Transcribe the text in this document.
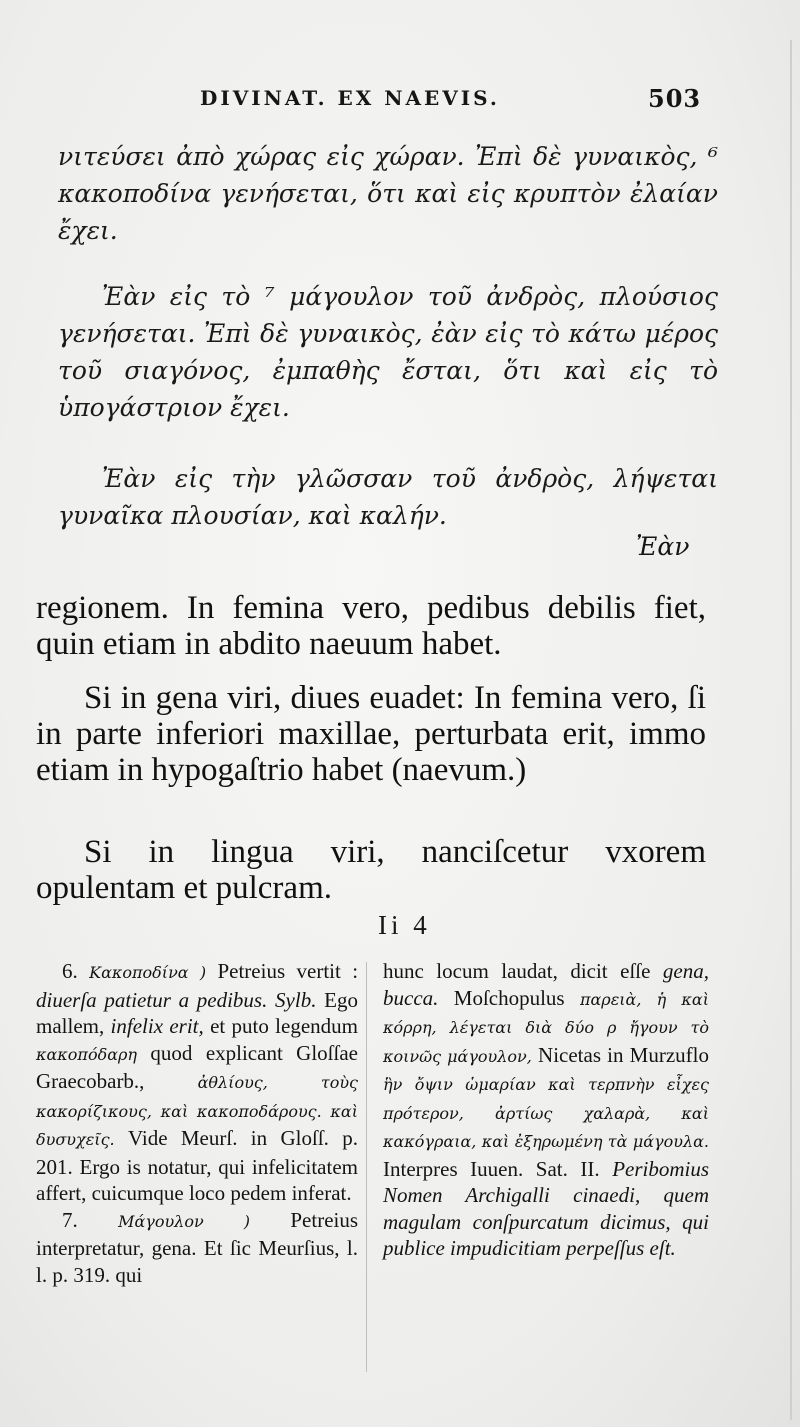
DIVINAT. EX NAEVIS.	503

νιτεύσει ἀπὸ χώρας εἰς χώραν. Ἐπὶ δὲ γυναικὸς, ⁶ κακοποδίνα γενήσεται, ὅτι καὶ εἰς κρυπτὸν ἐλαίαν ἔχει.

Ἐὰν εἰς τὸ ⁷ μάγουλον τοῦ ἀνδρὸς, πλούσιος γενήσεται. Ἐπὶ δὲ γυναικὸς, ἐὰν εἰς τὸ κάτω μέρος τοῦ σιαγόνος, ἐμπαθὴς ἔσται, ὅτι καὶ εἰς τὸ ὑπογάστριον ἔχει.

Ἐὰν εἰς τὴν γλῶσσαν τοῦ ἀνδρὸς, λήψεται γυναῖκα πλουσίαν, καὶ καλήν.

Ἐὰν

regionem. In femina vero, pedibus debilis fiet, quin etiam in abdito naeuum habet.

Si in gena viri, diues euadet: In femina vero, ſi in parte inferiori maxillae, perturbata erit, immo etiam in hypogaſtrio habet (naevum.)

Si in lingua viri, nanciſcetur vxorem opulentam et pulcram.

Ii 4

6. Κακοποδίνα ) Petreius vertit : diuerſa patietur a pedibus. Sylb. Ego mallem, infelix erit, et puto legendum κακοπόδαρη quod explicant Gloſſae Graecobarb.,	ἀθλίους, τοὺς κακορίζικους, καὶ κακοποδάρους. καὶ δυσυχεῖς. Vide Meurſ. in Gloſſ. p. 201. Ergo is notatur, qui infelicitatem affert, cuicumque loco pedem inferat.

7.	Μάγουλον ) Petreius interpretatur, gena. Et ſic Meurſius, l. l. p. 319. qui

hunc locum laudat, dicit eſſe gena, bucca. Moſchopulus παρειὰ, ἡ καὶ κόρρη, λέγεται διὰ δύο ρ ἤγουν τὸ κοινῶς μάγουλον, Nicetas in Murzuflo ἣν ὄψιν ὡμαρίαν καὶ τερπνὴν εἶχες πρότερον, ἀρτίως χαλαρὰ, καὶ κακόγραια, καὶ ἐξηρωμένη τὰ μάγουλα. Interpres Iuuen. Sat. II. Peribomius Nomen Archigalli cinaedi, quem magulam conſpurcatum dicimus, qui publice impudicitiam perpeſſus eſt.
